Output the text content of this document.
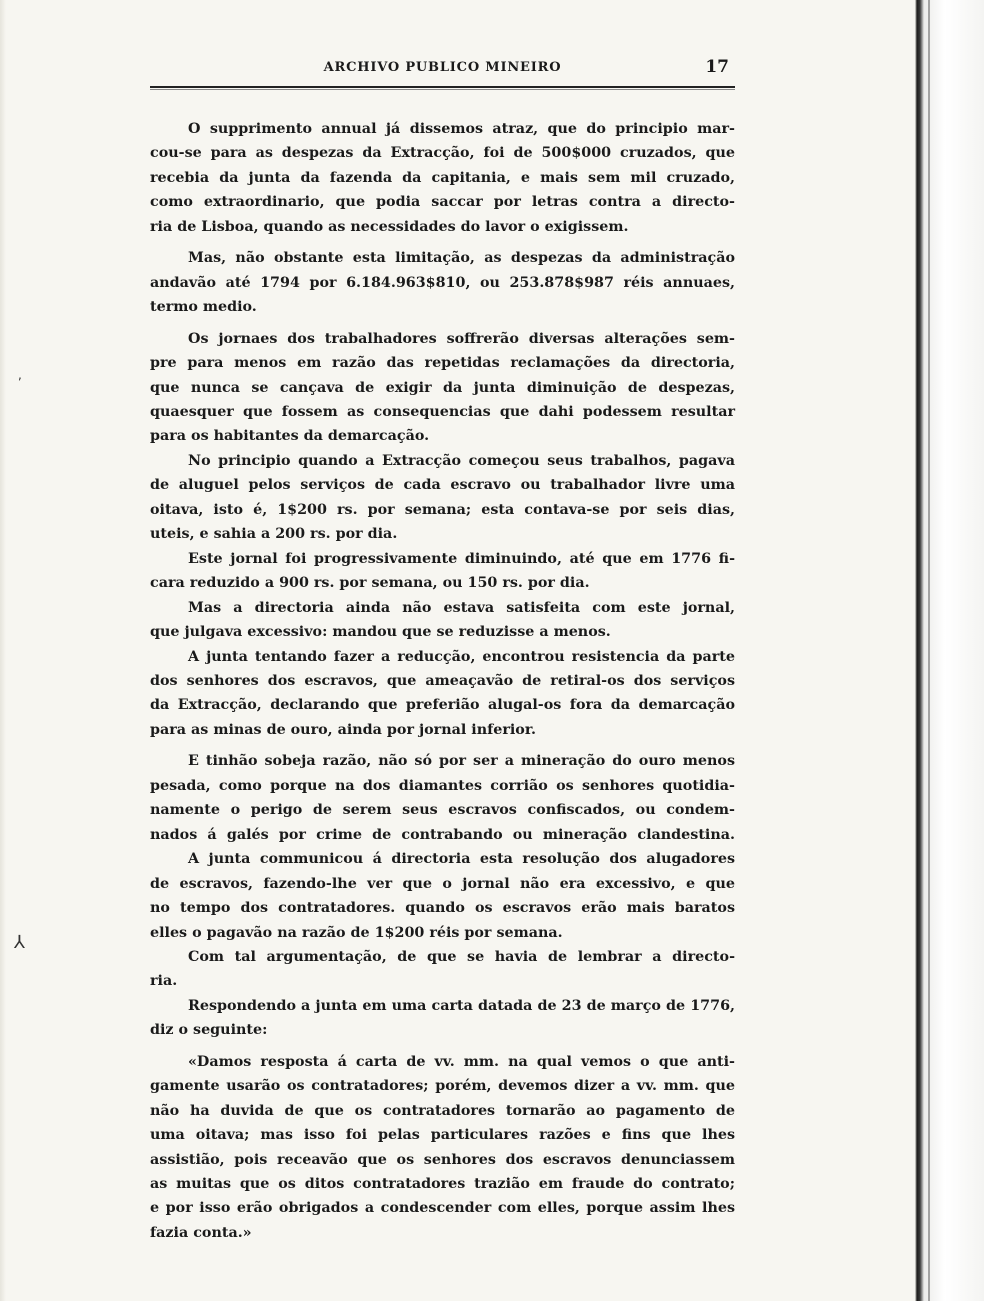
ARCHIVO PUBLICO MINEIRO	17
,
⅄
O supprimento annual já dissemos atraz, que do principio mar-
cou-se para as despezas da Extracção, foi de 500$000 cruzados, que
recebia da junta da fazenda da capitania, e mais sem mil cruzado,
como extraordinario, que podia saccar por letras contra a directo-
ria de Lisboa, quando as necessidades do lavor o exigissem.
Mas, não obstante esta limitação, as despezas da administração
andavão até 1794 por 6.184.963$810, ou 253.878$987 réis annuaes,
termo medio.
Os jornaes dos trabalhadores soffrerão diversas alterações sem-
pre para menos em razão das repetidas reclamações da directoria,
que nunca se cançava de exigir da junta diminuição de despezas,
quaesquer que fossem as consequencias que dahi podessem resultar
para os habitantes da demarcação.
No principio quando a Extracção começou seus trabalhos, pagava
de aluguel pelos serviços de cada escravo ou trabalhador livre uma
oitava, isto é, 1$200 rs. por semana; esta contava-se por seis dias,
uteis, e sahia a 200 rs. por dia.
Este jornal foi progressivamente diminuindo, até que em 1776 fi-
cara reduzido a 900 rs. por semana, ou 150 rs. por dia.
Mas a directoria ainda não estava satisfeita com este jornal,
que julgava excessivo: mandou que se reduzisse a menos.
A junta tentando fazer a reducção, encontrou resistencia da parte
dos senhores dos escravos, que ameaçavão de retiral-os dos serviços
da Extracção, declarando que preferião alugal-os fora da demarcação
para as minas de ouro, ainda por jornal inferior.
E tinhão sobeja razão, não só por ser a mineração do ouro menos
pesada, como porque na dos diamantes corrião os senhores quotidia-
namente o perigo de serem seus escravos confiscados, ou condem-
nados á galés por crime de contrabando ou mineração clandestina.
A junta communicou á directoria esta resolução dos alugadores
de escravos, fazendo-lhe ver que o jornal não era excessivo, e que
no tempo dos contratadores. quando os escravos erão mais baratos
elles o pagavão na razão de 1$200 réis por semana.
Com tal argumentação, de que se havia de lembrar a directo-
ria.
Respondendo a junta em uma carta datada de 23 de março de 1776,
diz o seguinte:
«Damos resposta á carta de vv. mm. na qual vemos o que anti-
gamente usarão os contratadores; porém, devemos dizer a vv. mm. que
não ha duvida de que os contratadores tornarão ao pagamento de
uma oitava; mas isso foi pelas particulares razões e fins que lhes
assistião, pois receavão que os senhores dos escravos denunciassem
as muitas que os ditos contratadores trazião em fraude do contrato;
e por isso erão obrigados a condescender com elles, porque assim lhes
fazia conta.»
